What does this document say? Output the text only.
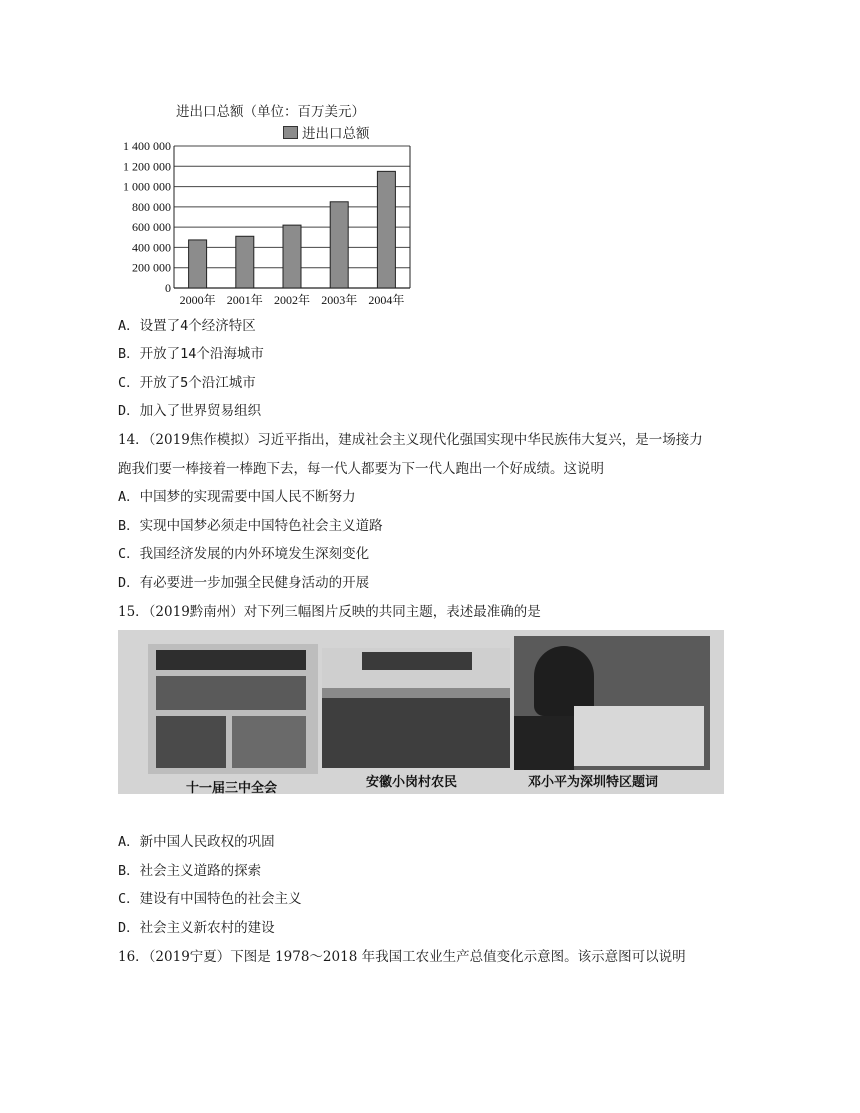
进出口总额（单位：百万美元）
进出口总额
0
200 000
400 000
600 000
800 000
1 000 000
1 200 000
1 400 000
2000年 2001年 2002年 2003年 2004年
A．设置了4个经济特区
B．开放了14个沿海城市
C．开放了5个沿江城市
D．加入了世界贸易组织
14．（2019焦作模拟）习近平指出，建成社会主义现代化强国实现中华民族伟大复兴，是一场接力
跑我们要一棒接着一棒跑下去，每一代人都要为下一代人跑出一个好成绩。这说明
A．中国梦的实现需要中国人民不断努力
B．实现中国梦必须走中国特色社会主义道路
C．我国经济发展的内外环境发生深刻变化
D．有必要进一步加强全民健身活动的开展
15．（2019黔南州）对下列三幅图片反映的共同主题，表述最准确的是
十一届三中全会	安徽小岗村农民	邓小平为深圳特区题词
A．新中国人民政权的巩固
B．社会主义道路的探索
C．建设有中国特色的社会主义
D．社会主义新农村的建设
16．（2019宁夏）下图是 1978～2018 年我国工农业生产总值变化示意图。该示意图可以说明
